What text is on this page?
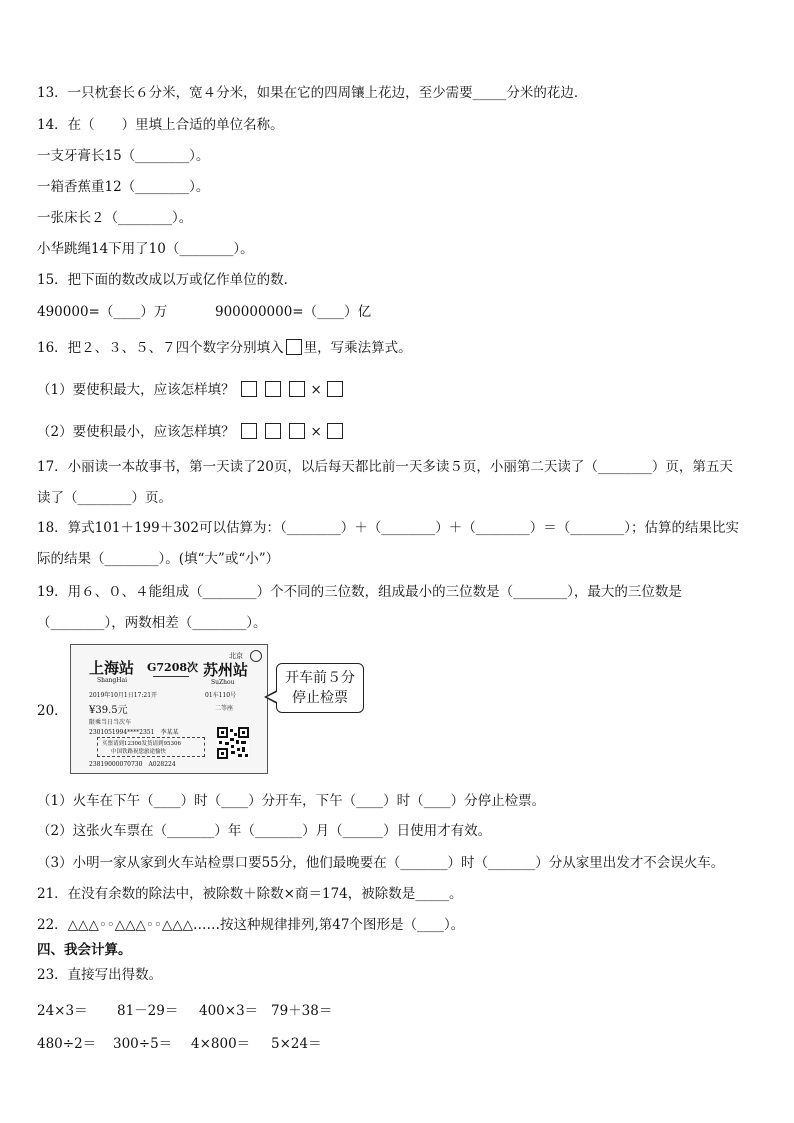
13．一只枕套长６分米，宽４分米，如果在它的四周镶上花边，至少需要_____分米的花边．
14．在（　　）里填上合适的单位名称。
一支牙膏长15（________）。
一箱香蕉重12（________）。
一张床长２（________）。
小华跳绳14下用了10（________）。
15．把下面的数改成以万或亿作单位的数．
490000=（____）万	900000000=（____）亿
16．把２、３、５、７四个数字分别填入 里，写乘法算式。
（1）要使积最大，应该怎样填？	×
（2）要使积最小，应该怎样填？	×
17．小丽读一本故事书，第一天读了20页，以后每天都比前一天多读５页，小丽第二天读了（________）页，第五天
读了（________）页。
18．算式101＋199＋302可以估算为：（________）＋（________）＋（________）＝（________）；估算的结果比实
际的结果（________）。(填“大”或“小”）
19．用６、０、４能组成（________）个不同的三位数，组成最小的三位数是（________），最大的三位数是
（________），两数相差（________）。
20．
上海站
ShangHai
G7208次 苏州站
SuZhou
北京
2019年10月1日17:21开	01车110号
¥39.5元	二等座
限乘当日当次车
2301051994****2351　李某某
买票请到12306发货请到95306
中国铁路祝您旅途愉快
23819000070730　A028224
开车前５分
停止检票
（1）火车在下午（____）时（____）分开车，下午（____）时（____）分停止检票。
（2）这张火车票在（_______）年（_______）月（______）日使用才有效。
（3）小明一家从家到火车站检票口要55分，他们最晚要在（_______）时（_______）分从家里出发才不会误火车。
21．在没有余数的除法中，被除数＋除数×商＝174，被除数是_____。
22．△△△◦◦△△△◦◦△△△……按这种规律排列,第47个图形是（____）。
四、我会计算。
23．直接写出得数。
24×3＝ 81－29＝ 400×3＝ 79＋38＝
480÷2＝ 300÷5＝ 4×800＝ 5×24＝
